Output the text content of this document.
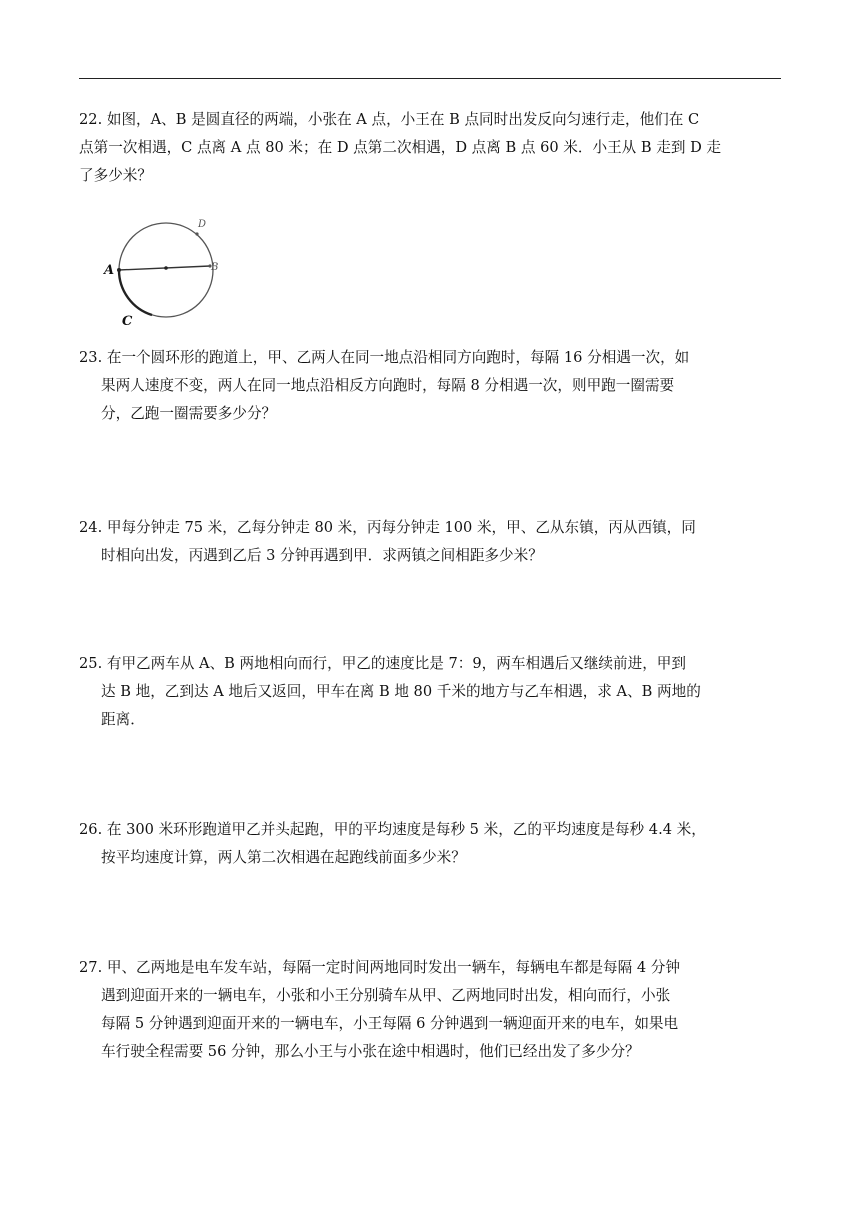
22. 如图，A、B 是圆直径的两端，小张在 A 点，小王在 B 点同时出发反向匀速行走，他们在 C

点第一次相遇，C 点离 A 点 80 米；在 D 点第二次相遇，D 点离 B 点 60 米．小王从 B 走到 D 走

了多少米？

A	B
C
D

23. 在一个圆环形的跑道上，甲、乙两人在同一地点沿相同方向跑时，每隔 16 分相遇一次，如

果两人速度不变，两人在同一地点沿相反方向跑时，每隔 8 分相遇一次，则甲跑一圈需要

分，乙跑一圈需要多少分？

24. 甲每分钟走 75 米，乙每分钟走 80 米，丙每分钟走 100 米，甲、乙从东镇，丙从西镇，同

时相向出发，丙遇到乙后 3 分钟再遇到甲．求两镇之间相距多少米？

25. 有甲乙两车从 A、B 两地相向而行，甲乙的速度比是 7：9，两车相遇后又继续前进，甲到

达 B 地，乙到达 A 地后又返回，甲车在离 B 地 80 千米的地方与乙车相遇，求 A、B 两地的

距离．

26. 在 300 米环形跑道甲乙并头起跑，甲的平均速度是每秒 5 米，乙的平均速度是每秒 4.4 米，

按平均速度计算，两人第二次相遇在起跑线前面多少米？

27. 甲、乙两地是电车发车站，每隔一定时间两地同时发出一辆车，每辆电车都是每隔 4 分钟

遇到迎面开来的一辆电车，小张和小王分别骑车从甲、乙两地同时出发，相向而行，小张

每隔 5 分钟遇到迎面开来的一辆电车，小王每隔 6 分钟遇到一辆迎面开来的电车，如果电

车行驶全程需要 56 分钟，那么小王与小张在途中相遇时，他们已经出发了多少分？
